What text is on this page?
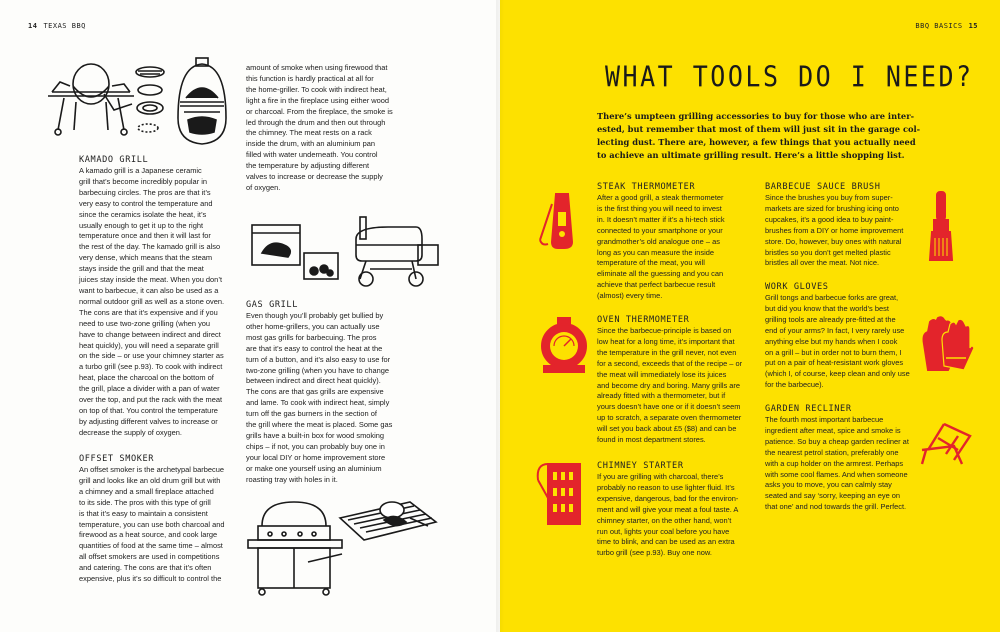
14 TEXAS BBQ
KAMADO GRILL
A kamado grill is a Japanese ceramic
grill that’s become incredibly popular in
barbecuing circles. The pros are that it’s
very easy to control the temperature and
since the ceramics isolate the heat, it’s
usually enough to get it up to the right
temperature once and then it will last for
the rest of the day. The kamado grill is also
very dense, which means that the steam
stays inside the grill and that the meat
juices stay inside the meat. When you don’t
want to barbecue, it can also be used as a
normal outdoor grill as well as a stone oven.
The cons are that it’s expensive and if you
need to use two-zone grilling (when you
have to change between indirect and direct
heat quickly), you will need a separate grill
on the side – or use your chimney starter as
a turbo grill (see p.93). To cook with indirect
heat, place the charcoal on the bottom of
the grill, place a divider with a pan of water
over the top, and put the rack with the meat
on top of that. You control the temperature
by adjusting different valves to increase or
decrease the supply of oxygen.
OFFSET SMOKER
An offset smoker is the archetypal barbecue
grill and looks like an old drum grill but with
a chimney and a small fireplace attached
to its side. The pros with this type of grill
is that it’s easy to maintain a consistent
temperature, you can use both charcoal and
firewood as a heat source, and cook large
quantities of food at the same time – almost
all offset smokers are used in competitions
and catering. The cons are that it’s often
expensive, plus it’s so difficult to control the
amount of smoke when using firewood that
this function is hardly practical at all for
the home-griller. To cook with indirect heat,
light a fire in the fireplace using either wood
or charcoal. From the fireplace, the smoke is
led through the drum and then out through
the chimney. The meat rests on a rack
inside the drum, with an aluminium pan
filled with water underneath. You control
the temperature by adjusting different
valves to increase or decrease the supply
of oxygen.
GAS GRILL
Even though you’ll probably get bullied by
other home-grillers, you can actually use
most gas grills for barbecuing. The pros
are that it’s easy to control the heat at the
turn of a button, and it’s also easy to use for
two-zone grilling (when you have to change
between indirect and direct heat quickly).
The cons are that gas grills are expensive
and lame. To cook with indirect heat, simply
turn off the gas burners in the section of
the grill where the meat is placed. Some gas
grills have a built-in box for wood smoking
chips – if not, you can probably buy one in
your local DIY or home improvement store
or make one yourself using an aluminium
roasting tray with holes in it.
BBQ BASICS 15
WHAT TOOLS DO I NEED?
There’s umpteen grilling accessories to buy for those who are inter-
ested, but remember that most of them will just sit in the garage col-
lecting dust. There are, however, a few things that you actually need
to achieve an ultimate grilling result. Here’s a little shopping list.
STEAK THERMOMETER
After a good grill, a steak thermometer
is the first thing you will need to invest
in. It doesn’t matter if it’s a hi-tech stick
connected to your smartphone or your
grandmother’s old analogue one – as
long as you can measure the inside
temperature of the meat, you will
eliminate all the guessing and you can
achieve that perfect barbecue result
(almost) every time.
OVEN THERMOMETER
Since the barbecue-principle is based on
low heat for a long time, it’s important that
the temperature in the grill never, not even
for a second, exceeds that of the recipe – or
the meat will immediately lose its juices
and become dry and boring. Many grills are
already fitted with a thermometer, but if
yours doesn’t have one or if it doesn’t seem
up to scratch, a separate oven thermometer
will set you back about £5 ($8) and can be
found in most department stores.
CHIMNEY STARTER
If you are grilling with charcoal, there’s
probably no reason to use lighter fluid. It’s
expensive, dangerous, bad for the environ-
ment and will give your meat a foul taste. A
chimney starter, on the other hand, won’t
run out, lights your coal before you have
time to blink, and can be used as an extra
turbo grill (see p.93). Buy one now.
BARBECUE SAUCE BRUSH
Since the brushes you buy from super-
markets are sized for brushing icing onto
cupcakes, it’s a good idea to buy paint-
brushes from a DIY or home improvement
store. Do, however, buy ones with natural
bristles so you don’t get melted plastic
bristles all over the meat. Not nice.
WORK GLOVES
Grill tongs and barbecue forks are great,
but did you know that the world’s best
grilling tools are already pre-fitted at the
end of your arms? In fact, I very rarely use
anything else but my hands when I cook
on a grill – but in order not to burn them, I
put on a pair of heat-resistant work gloves
(which I, of course, keep clean and only use
for the barbecue).
GARDEN RECLINER
The fourth most important barbecue
ingredient after meat, spice and smoke is
patience. So buy a cheap garden recliner at
the nearest petrol station, preferably one
with a cup holder on the armrest. Perhaps
with some cool flames. And when someone
asks you to move, you can calmly stay
seated and say ‘sorry, keeping an eye on
that one’ and nod towards the grill. Perfect.
